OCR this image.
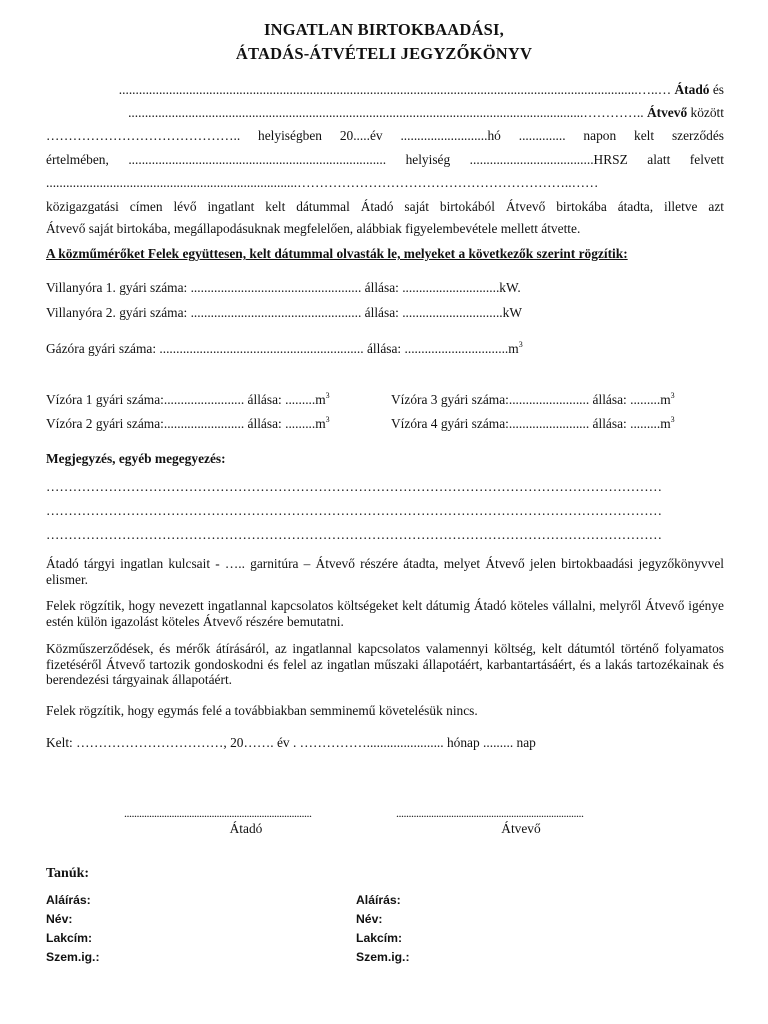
INGATLAN BIRTOKBAADÁSI,
ÁTADÁS-ÁTVÉTELI JEGYZŐKÖNYV
...........................................................................................................................................................…..… Átadó és
........................................................................................................................................………….. Átvevő között
…………………………………….. helyiségben 20.....év ..........................hó .............. napon kelt szerződés
értelmében, ............................................................................. helyiség .....................................HRSZ alatt felvett
...........................................................................……………………………………………………..……
közigazgatási címen lévő ingatlant kelt dátummal Átadó saját birtokából Átvevő birtokába átadta, illetve azt
Átvevő saját birtokába, megállapodásuknak megfelelően, alábbiak figyelembevétele mellett átvette.
A közműmérőket Felek együttesen, kelt dátummal olvasták le, melyeket a következők szerint rögzítik:
Villanyóra 1. gyári száma: ................................................... állása: .............................kW.
Villanyóra 2. gyári száma: ................................................... állása: ..............................kW
Gázóra gyári száma: ............................................................. állása: $...............................m^3$
Vízóra 1 gyári száma:........................ állása: $.........m^3$	Vízóra 3 gyári száma:........................ állása: $.........m^3$
Vízóra 2 gyári száma:........................ állása: $.........m^3$	Vízóra 4 gyári száma:........................ állása: $.........m^3$
Megjegyzés, egyéb megegyezés:
…………………………………………………………………………………………………………………………
…………………………………………………………………………………………………………………………
…………………………………………………………………………………………………………………………
Átadó tárgyi ingatlan kulcsait - ….. garnitúra – Átvevő részére átadta, melyet Átvevő jelen birtokbaadási jegyzőkönyvvel elismer.
Felek rögzítik, hogy nevezett ingatlannal kapcsolatos költségeket kelt dátumig Átadó köteles vállalni, melyről Átvevő igénye estén külön igazolást köteles Átvevő részére bemutatni.
Közműszerződések, és mérők átírásáról, az ingatlannal kapcsolatos valamennyi költség, kelt dátumtól történő folyamatos fizetéséről Átvevő tartozik gondoskodni és felel az ingatlan műszaki állapotáért, karbantartásáért, és a lakás tartozékainak és berendezési tárgyainak állapotáért.
Felek rögzítik, hogy egymás felé a továbbiakban semminemű követelésük nincs.
Kelt: ……………………………, 20……. év . ……………....................... hónap ......... nap
...........................................................................	...........................................................................
Átadó	Átvevő
Tanúk:
Aláírás:
Név:
Lakcím:
Szem.ig.:
Aláírás:
Név:
Lakcím:
Szem.ig.:
